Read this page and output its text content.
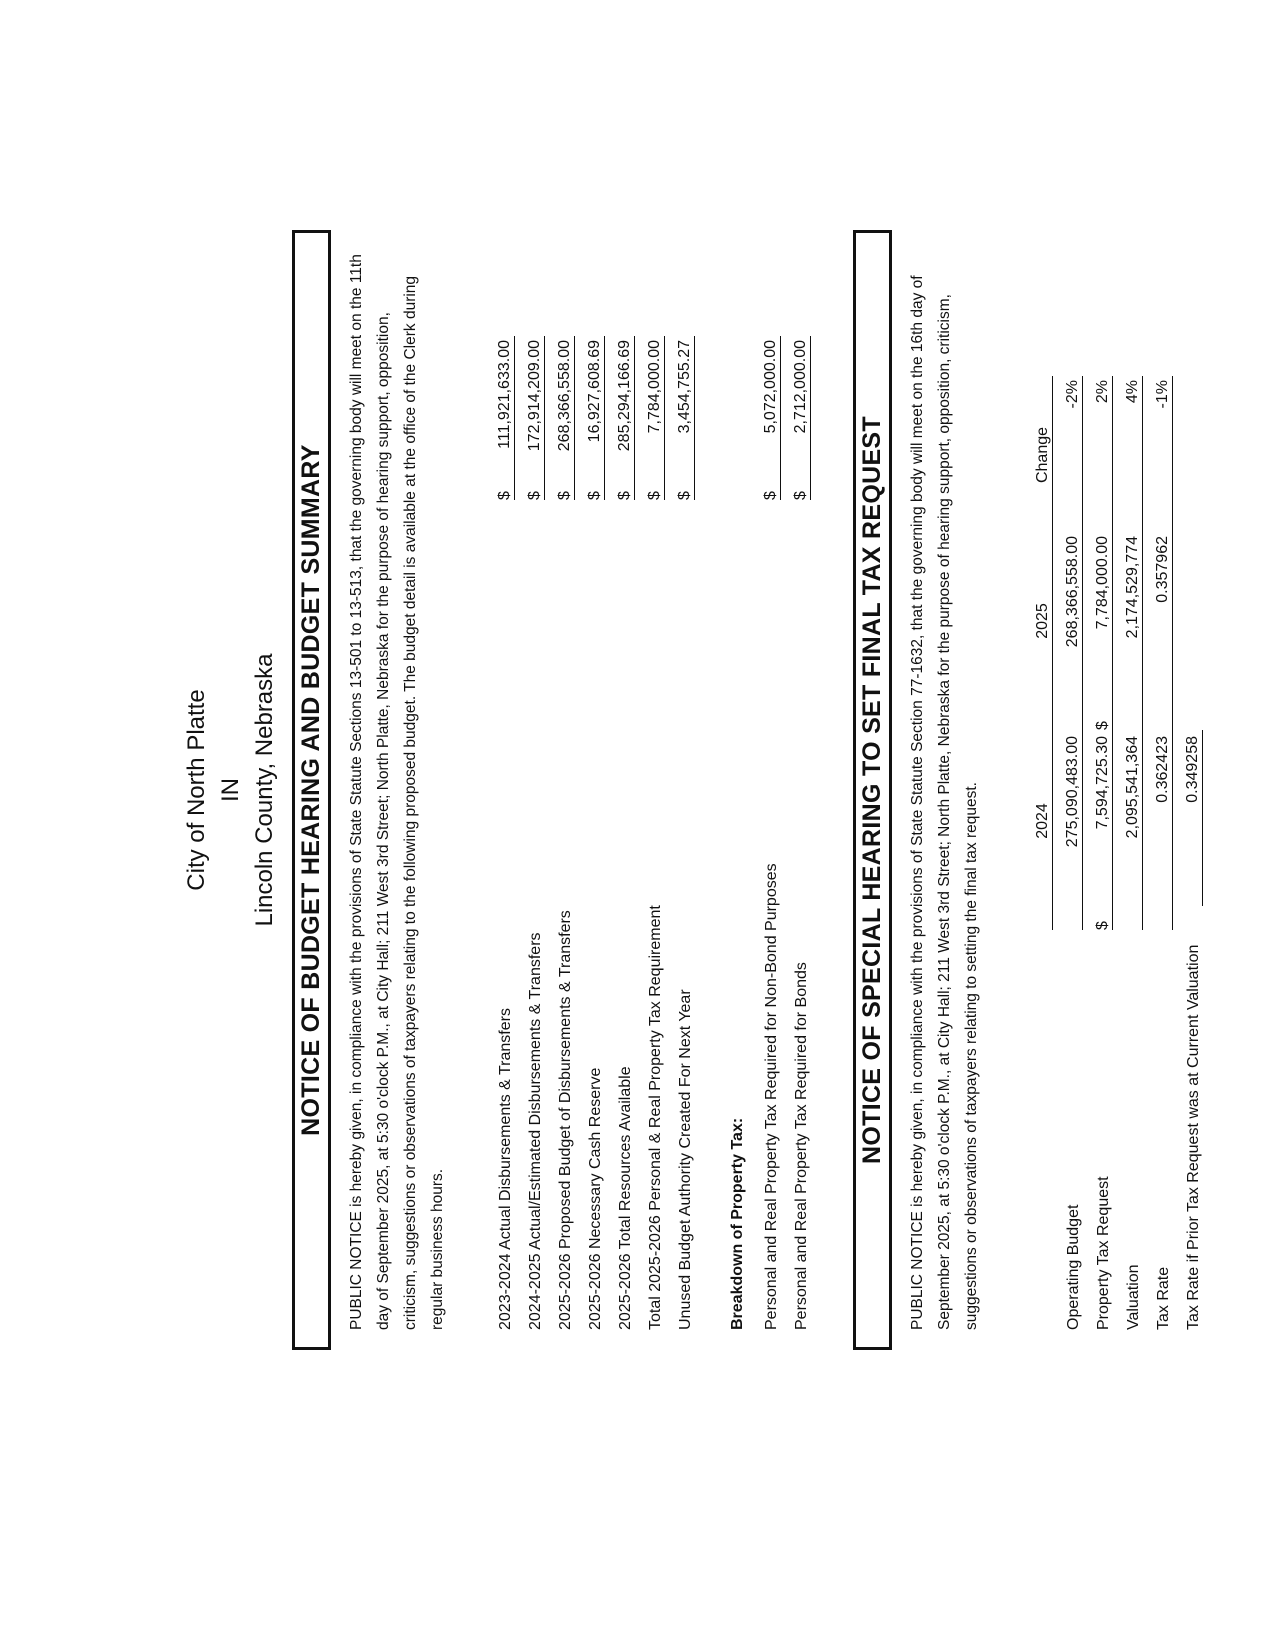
City of North Platte IN Lincoln County, Nebraska NOTICE OF BUDGET HEARING AND BUDGET SUMMARY	PUBLIC NOTICE is hereby given, in compliance with the provisions of State Statute Sections 13-501 to 13-513, that the governing body will meet on the 11th day of September 2025, at 5:30 o'clock P.M., at City Hall; 211 West 3rd Street; North Platte, Nebraska for the purpose of hearing support, opposition, criticism, suggestions or observations of taxpayers relating to the following proposed budget. The budget detail is available at the office of the Clerk during regular business hours.	2023-2024 Actual Disbursements & Transfers	$	111,921,633.00
2024-2025 Actual/Estimated Disbursements & Transfers	$	172,914,209.00
2025-2026 Proposed Budget of Disbursements & Transfers	$	268,366,558.00
2025-2026 Necessary Cash Reserve	$	16,927,608.69
2025-2026 Total Resources Available	$	285,294,166.69
Total 2025-2026 Personal & Real Property Tax Requirement	$	7,784,000.00
Unused Budget Authority Created For Next Year	$	3,454,755.27
Breakdown of Property Tax: Personal and Real Property Tax Required for Non-Bond Purposes	$	5,072,000.00
Personal and Real Property Tax Required for Bonds	$	2,712,000.00
NOTICE OF SPECIAL HEARING TO SET FINAL TAX REQUEST	PUBLIC NOTICE is hereby given, in compliance with the provisions of State Statute Section 77-1632, that the governing body will meet on the 16th day of September 2025, at 5:30 o'clock P.M., at City Hall; 211 West 3rd Street; North Platte, Nebraska for the purpose of hearing support, opposition, criticism, suggestions or observations of taxpayers relating to setting the final tax request.

			2024		2025	Change
Operating Budget		275,090,483.00		268,366,558.00	-2%
Property Tax Request	$	7,594,725.30	$	7,784,000.00	2%
Valuation		2,095,541,364		2,174,529,774	4%
Tax Rate		0.362423		0.357962	-1%
Tax Rate if Prior Tax Request was at Current Valuation		0.349258			
